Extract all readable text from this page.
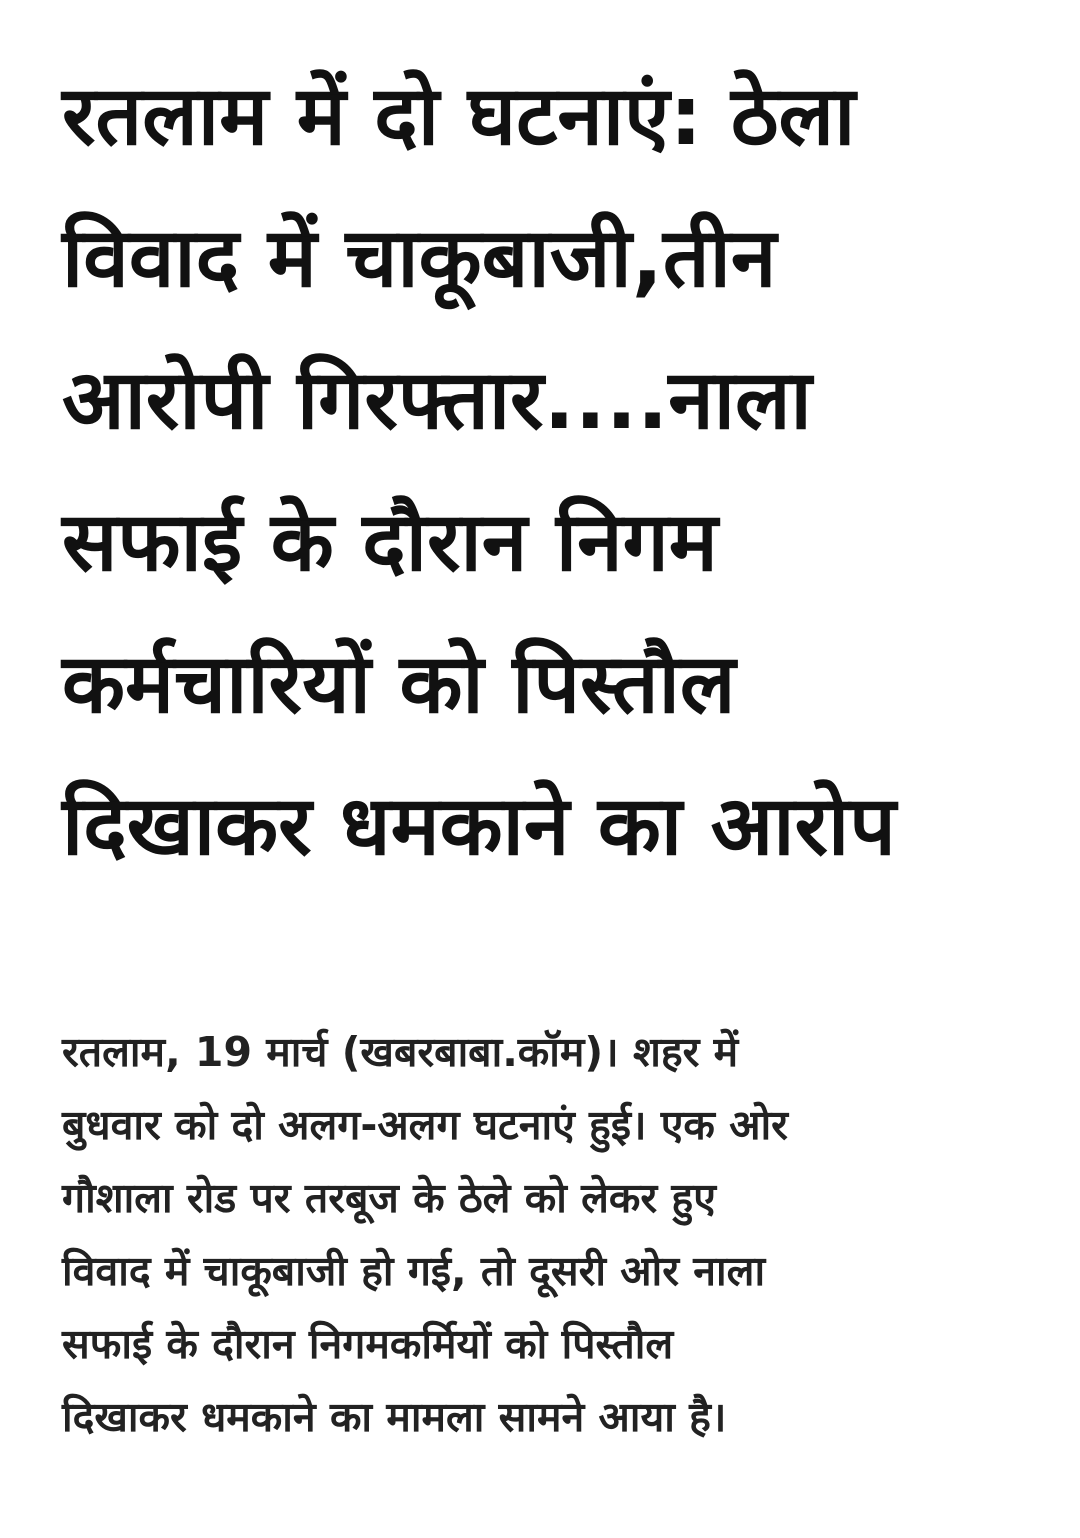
रतलाम में दो घटनाएं: ठेला
विवाद में चाकूबाजी,तीन
आरोपी गिरफ्तार....नाला
सफाई के दौरान निगम
कर्मचारियों को पिस्तौल
दिखाकर धमकाने का आरोप

रतलाम, 19 मार्च (खबरबाबा.कॉम)। शहर में
बुधवार को दो अलग-अलग घटनाएं हुई। एक ओर
गौशाला रोड पर तरबूज के ठेले को लेकर हुए
विवाद में चाकूबाजी हो गई, तो दूसरी ओर नाला
सफाई के दौरान निगमकर्मियों को पिस्तौल
दिखाकर धमकाने का मामला सामने आया है।
